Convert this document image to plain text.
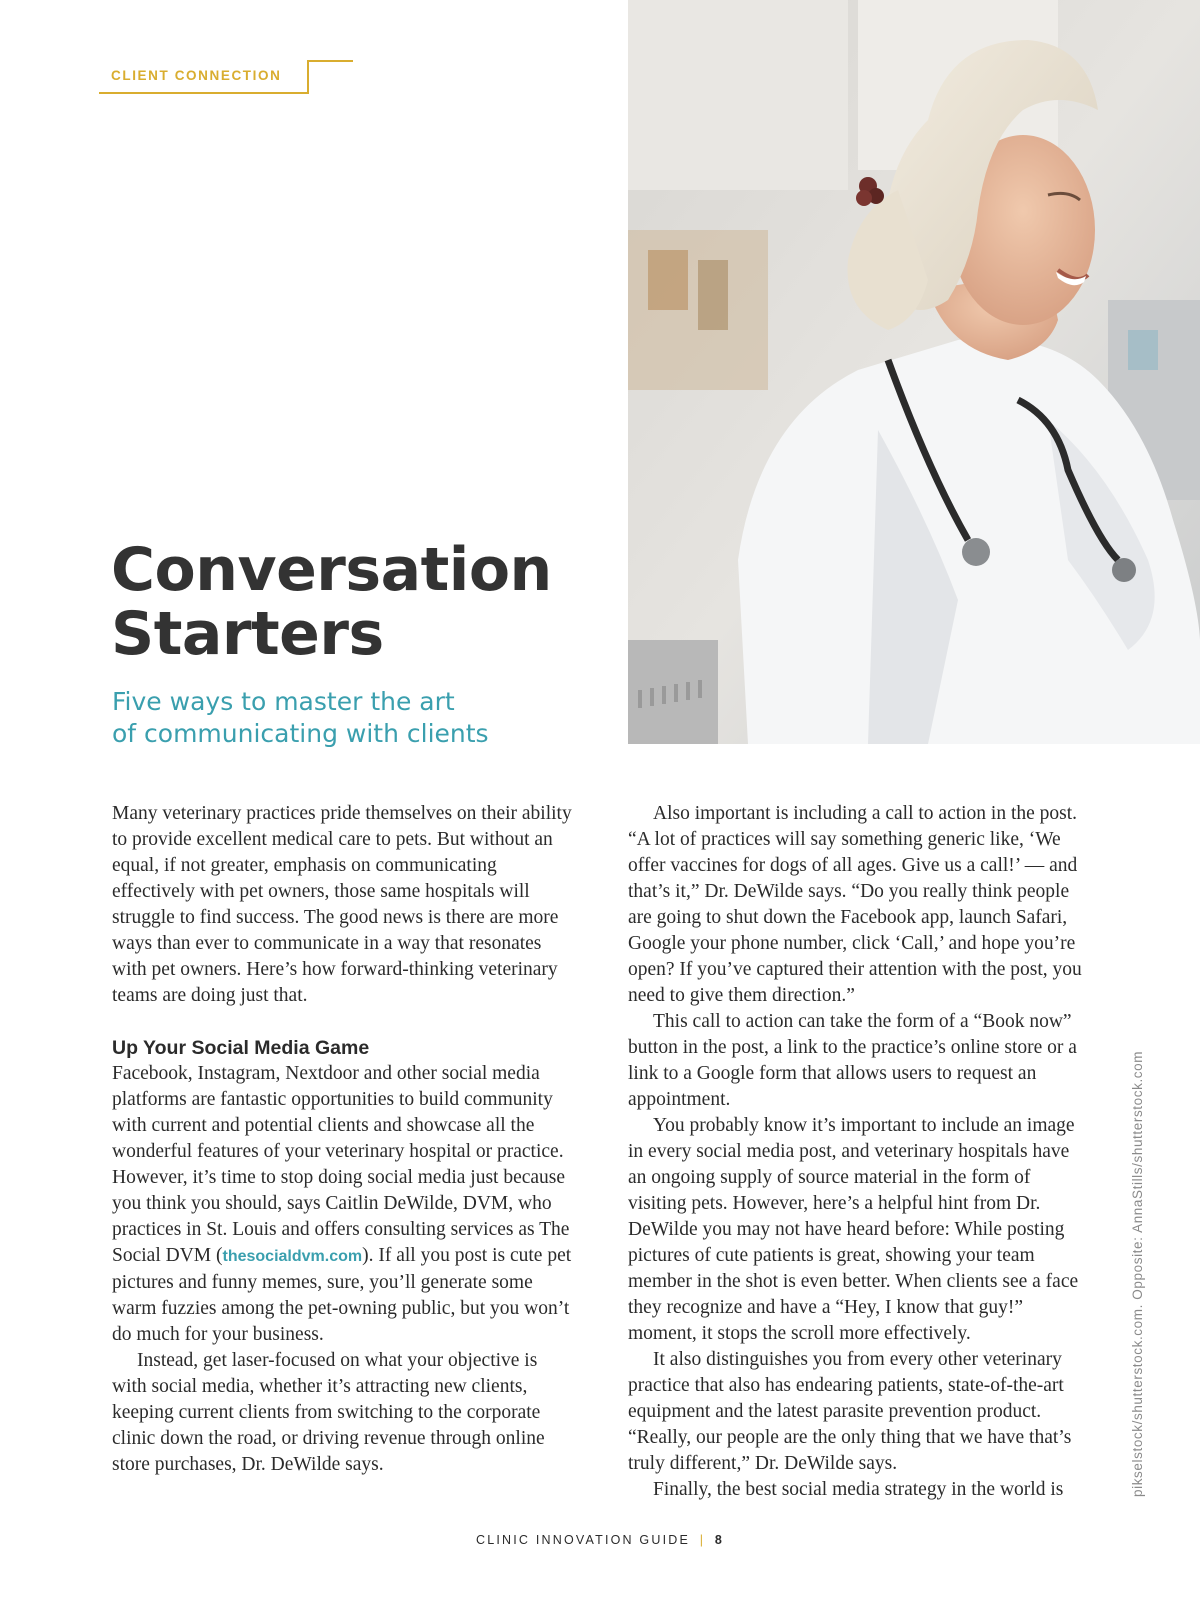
CLIENT CONNECTION
Conversation
Starters

Five ways to master the art
of communicating with clients

Many veterinary practices pride themselves on their ability to provide excellent medical care to pets. But without an equal, if not greater, emphasis on communicating effectively with pet owners, those same hospitals will struggle to find success. The good news is there are more ways than ever to communicate in a way that resonates with pet owners. Here’s how forward-thinking veterinary teams are doing just that.

Up Your Social Media Game

Facebook, Instagram, Nextdoor and other social media platforms are fantastic opportunities to build community with current and potential clients and showcase all the wonderful features of your veterinary hospital or practice. However, it’s time to stop doing social media just because you think you should, says Caitlin DeWilde, DVM, who practices in St. Louis and offers consulting services as The Social DVM (thesocialdvm.com). If all you post is cute pet pictures and funny memes, sure, you’ll generate some warm fuzzies among the pet-owning public, but you won’t do much for your business.

Instead, get laser-focused on what your objective is with social media, whether it’s attracting new clients, keeping current clients from switching to the corporate clinic down the road, or driving revenue through online store purchases, Dr. DeWilde says.

Also important is including a call to action in the post. “A lot of practices will say something generic like, ‘We offer vaccines for dogs of all ages. Give us a call!’ — and that’s it,” Dr. DeWilde says. “Do you really think people are going to shut down the Facebook app, launch Safari, Google your phone number, click ‘Call,’ and hope you’re open? If you’ve captured their attention with the post, you need to give them direction.”

This call to action can take the form of a “Book now” button in the post, a link to the practice’s online store or a link to a Google form that allows users to request an appointment.

You probably know it’s important to include an image in every social media post, and veterinary hospitals have an ongoing supply of source material in the form of visiting pets. However, here’s a helpful hint from Dr. DeWilde you may not have heard before: While posting pictures of cute patients is great, showing your team member in the shot is even better. When clients see a face they recognize and have a “Hey, I know that guy!” moment, it stops the scroll more effectively.

It also distinguishes you from every other veterinary practice that also has endearing patients, state-of-the-art equipment and the latest parasite prevention product. “Really, our people are the only thing that we have that’s truly different,” Dr. DeWilde says.

Finally, the best social media strategy in the world is	pikselstock/shutterstock.com. Opposite: AnnaStills/shutterstock.com
CLINIC INNOVATION GUIDE | 8
